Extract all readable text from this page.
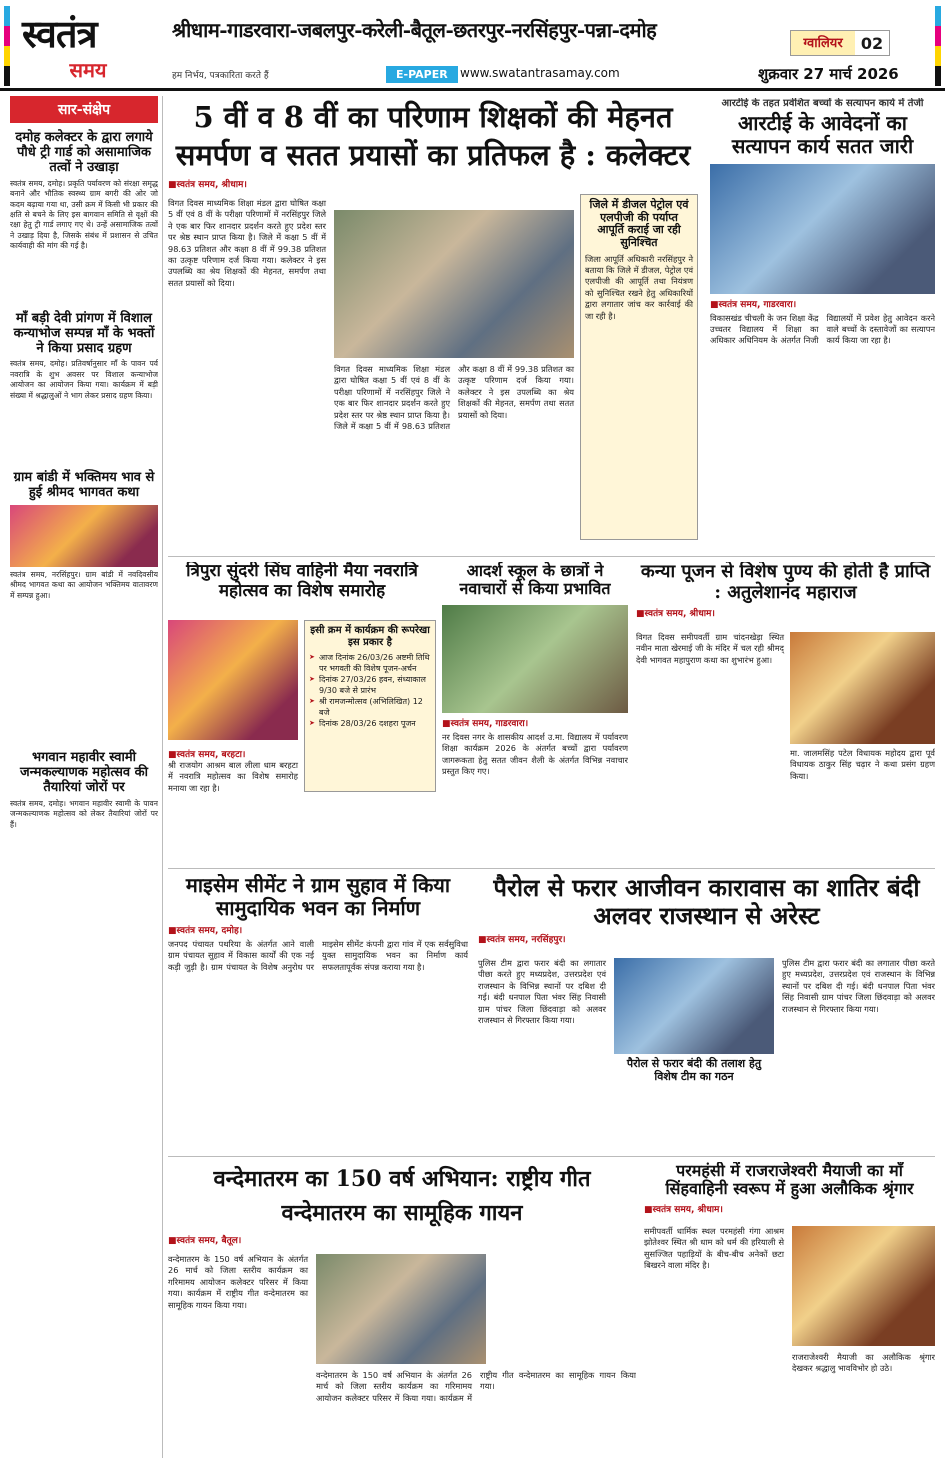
स्वतंत्र
समय	हम निर्भय, पत्रकारिता करते हैं
श्रीधाम-गाडरवारा-जबलपुर-करेली-बैतूल-छतरपुर-नरसिंहपुर-पन्ना-दमोह
ग्वालियर	02
E-PAPER	www.swatantrasamay.com	शुक्रवार 27 मार्च 2026
सार-संक्षेप
दमोह कलेक्टर के द्वारा लगाये पौधे ट्री गार्ड को असामाजिक तत्वों ने उखाड़ा
स्वतंत्र समय, दमोह। प्रकृति पर्यावरण को संरक्षा समृद्ध बनाने और भौतिक स्वस्थ्य ग्राम बगरी की ओर जो कदम बढ़ाया गया था, उसी क्रम में किसी भी प्रकार की क्षति से बचने के लिए इस बागवान समिति से वृक्षों की रक्षा हेतु ट्री गार्ड लगाए गए थे। उन्हें असामाजिक तत्वों ने उखाड़ दिया है, जिसके संबंध में प्रशासन से उचित कार्यवाही की मांग की गई है।
माँ बड़ी देवी प्रांगण में विशाल कन्याभोज सम्पन्न माँ के भक्तों ने किया प्रसाद ग्रहण
स्वतंत्र समय, दमोह। प्रतिवर्षानुसार माँ के पावन पर्व नवरात्रि के शुभ अवसर पर विशाल कन्याभोज आयोजन का आयोजन किया गया। कार्यक्रम में बड़ी संख्या में श्रद्धालुओं ने भाग लेकर प्रसाद ग्रहण किया।
ग्राम बांडी में भक्तिमय भाव से हुई श्रीमद भागवत कथा
स्वतंत्र समय, नरसिंहपुर। ग्राम बांडी में नवदिवसीय श्रीमद भागवत कथा का आयोजन भक्तिमय वातावरण में सम्पन्न हुआ।
भगवान महावीर स्वामी जन्मकल्याणक महोत्सव की तैयारियां जोरों पर
स्वतंत्र समय, दमोह। भगवान महावीर स्वामी के पावन जन्मकल्याणक महोत्सव को लेकर तैयारियां जोरों पर हैं।
5 वीं व 8 वीं का परिणाम शिक्षकों की मेहनत समर्पण व सतत प्रयासों का प्रतिफल है : कलेक्टर
■ स्वतंत्र समय, श्रीधाम।
विगत दिवस माध्यमिक शिक्षा मंडल द्वारा घोषित कक्षा 5 वीं एवं 8 वीं के परीक्षा परिणामों में नरसिंहपुर जिले ने एक बार फिर शानदार प्रदर्शन करते हुए प्रदेश स्तर पर श्रेष्ठ स्थान प्राप्त किया है। जिले में कक्षा 5 वीं में 98.63 प्रतिशत और कक्षा 8 वीं में 99.38 प्रतिशत का उत्कृष्ट परिणाम दर्ज किया गया। कलेक्टर ने इस उपलब्धि का श्रेय शिक्षकों की मेहनत, समर्पण तथा सतत प्रयासों को दिया।
विगत दिवस माध्यमिक शिक्षा मंडल द्वारा घोषित कक्षा 5 वीं एवं 8 वीं के परीक्षा परिणामों में नरसिंहपुर जिले ने एक बार फिर शानदार प्रदर्शन करते हुए प्रदेश स्तर पर श्रेष्ठ स्थान प्राप्त किया है। जिले में कक्षा 5 वीं में 98.63 प्रतिशत और कक्षा 8 वीं में 99.38 प्रतिशत का उत्कृष्ट परिणाम दर्ज किया गया। कलेक्टर ने इस उपलब्धि का श्रेय शिक्षकों की मेहनत, समर्पण तथा सतत प्रयासों को दिया।
जिले में डीजल पेट्रोल एवं एलपीजी की पर्याप्त आपूर्ति कराई जा रही सुनिश्चित
जिला आपूर्ति अधिकारी नरसिंहपुर ने बताया कि जिले में डीजल, पेट्रोल एवं एलपीजी की आपूर्ति तथा नियंत्रण को सुनिश्चित रखने हेतु अधिकारियों द्वारा लगातार जांच कर कार्रवाई की जा रही है।
आरटीई के तहत प्रवेशित बच्चों के सत्यापन कार्य में तेजी
आरटीई के आवेदनों का सत्यापन कार्य सतत जारी
■ स्वतंत्र समय, गाडरवारा।
विकासखंड चीचली के जन शिक्षा केंद्र उच्चतर विद्यालय में शिक्षा का अधिकार अधिनियम के अंतर्गत निजी विद्यालयों में प्रवेश हेतु आवेदन करने वाले बच्चों के दस्तावेजों का सत्यापन कार्य किया जा रहा है।
त्रिपुरा सुंदरी सिंघ वाहिनी मैया नवरात्रि महोत्सव का विशेष समारोह
इसी क्रम में कार्यक्रम की रूपरेखा इस प्रकार है
➤ आज दिनांक 26/03/26 अष्टमी तिथि पर भगवती की विशेष पूजन-अर्चन
➤ दिनांक 27/03/26 हवन, संध्याकाल 9/30 बजे से प्रारंभ
➤ श्री रामजन्मोत्सव (अभिलिखित) 12 बजे
➤ दिनांक 28/03/26 दशहरा पूजन
■ स्वतंत्र समय, बरहटा।
श्री राजयोग आश्रम बाल लीला धाम बरहटा में नवरात्रि महोत्सव का विशेष समारोह मनाया जा रहा है।
आदर्श स्कूल के छात्रों ने नवाचारों से किया प्रभावित
■ स्वतंत्र समय, गाडरवारा।
नर दिवस नगर के शासकीय आदर्श उ.मा. विद्यालय में पर्यावरण शिक्षा कार्यक्रम 2026 के अंतर्गत बच्चों द्वारा पर्यावरण जागरूकता हेतु सतत जीवन शैली के अंतर्गत विभिन्न नवाचार प्रस्तुत किए गए।
कन्या पूजन से विशेष पुण्य की होती है प्राप्ति : अतुलेशानंद महाराज
■ स्वतंत्र समय, श्रीधाम।
विगत दिवस समीपवर्ती ग्राम चांदनखेड़ा स्थित नवीन माता खेरमाई जी के मंदिर में चल रही श्रीमद् देवी भागवत महापुराण कथा का शुभारंभ हुआ।
मा. जालमसिंह पटेल विधायक महोदय द्वारा पूर्व विधायक ठाकुर सिंह चढ़ार ने कथा प्रसंग ग्रहण किया।
माइसेम सीमेंट ने ग्राम सुहाव में किया सामुदायिक भवन का निर्माण
■ स्वतंत्र समय, दमोह।
जनपद पंचायत पथरिया के अंतर्गत आने वाली ग्राम पंचायत सुहाव में विकास कार्यों की एक नई कड़ी जुड़ी है। ग्राम पंचायत के विशेष अनुरोध पर माइसेम सीमेंट कंपनी द्वारा गांव में एक सर्वसुविधा युक्त सामुदायिक भवन का निर्माण कार्य सफलतापूर्वक संपन्न कराया गया है।
पैरोल से फरार आजीवन कारावास का शातिर बंदी अलवर राजस्थान से अरेस्ट
■ स्वतंत्र समय, नरसिंहपुर।
पुलिस टीम द्वारा फरार बंदी का लगातार पीछा करते हुए मध्यप्रदेश, उत्तरप्रदेश एवं राजस्थान के विभिन्न स्थानों पर दबिश दी गई। बंदी धनपाल पिता भंवर सिंह निवासी ग्राम पांचर जिला छिंदवाड़ा को अलवर राजस्थान से गिरफ्तार किया गया।
पैरोल से फरार बंदी की तलाश हेतु विशेष टीम का गठन
पुलिस टीम द्वारा फरार बंदी का लगातार पीछा करते हुए मध्यप्रदेश, उत्तरप्रदेश एवं राजस्थान के विभिन्न स्थानों पर दबिश दी गई। बंदी धनपाल पिता भंवर सिंह निवासी ग्राम पांचर जिला छिंदवाड़ा को अलवर राजस्थान से गिरफ्तार किया गया।
वन्देमातरम का 150 वर्ष अभियान: राष्ट्रीय गीत वन्देमातरम का सामूहिक गायन
■ स्वतंत्र समय, बैतूल।
वन्देमातरम के 150 वर्ष अभियान के अंतर्गत 26 मार्च को जिला स्तरीय कार्यक्रम का गरिमामय आयोजन कलेक्टर परिसर में किया गया। कार्यक्रम में राष्ट्रीय गीत वन्देमातरम का सामूहिक गायन किया गया।
वन्देमातरम के 150 वर्ष अभियान के अंतर्गत 26 मार्च को जिला स्तरीय कार्यक्रम का गरिमामय आयोजन कलेक्टर परिसर में किया गया। कार्यक्रम में राष्ट्रीय गीत वन्देमातरम का सामूहिक गायन किया गया।
परमहंसी में राजराजेश्वरी मैयाजी का माँ सिंहवाहिनी स्वरूप में हुआ अलौकिक श्रृंगार
■ स्वतंत्र समय, श्रीधाम।
समीपवर्ती धार्मिक स्थल परमहंसी गंगा आश्रम झोतेश्वर स्थित श्री धाम को धर्म की हरियाली से सुसज्जित पहाड़ियों के बीच-बीच अनेकों छटा बिखरने वाला मंदिर है।
राजराजेश्वरी मैयाजी का अलौकिक श्रृंगार देखकर श्रद्धालु भावविभोर हो उठे।
